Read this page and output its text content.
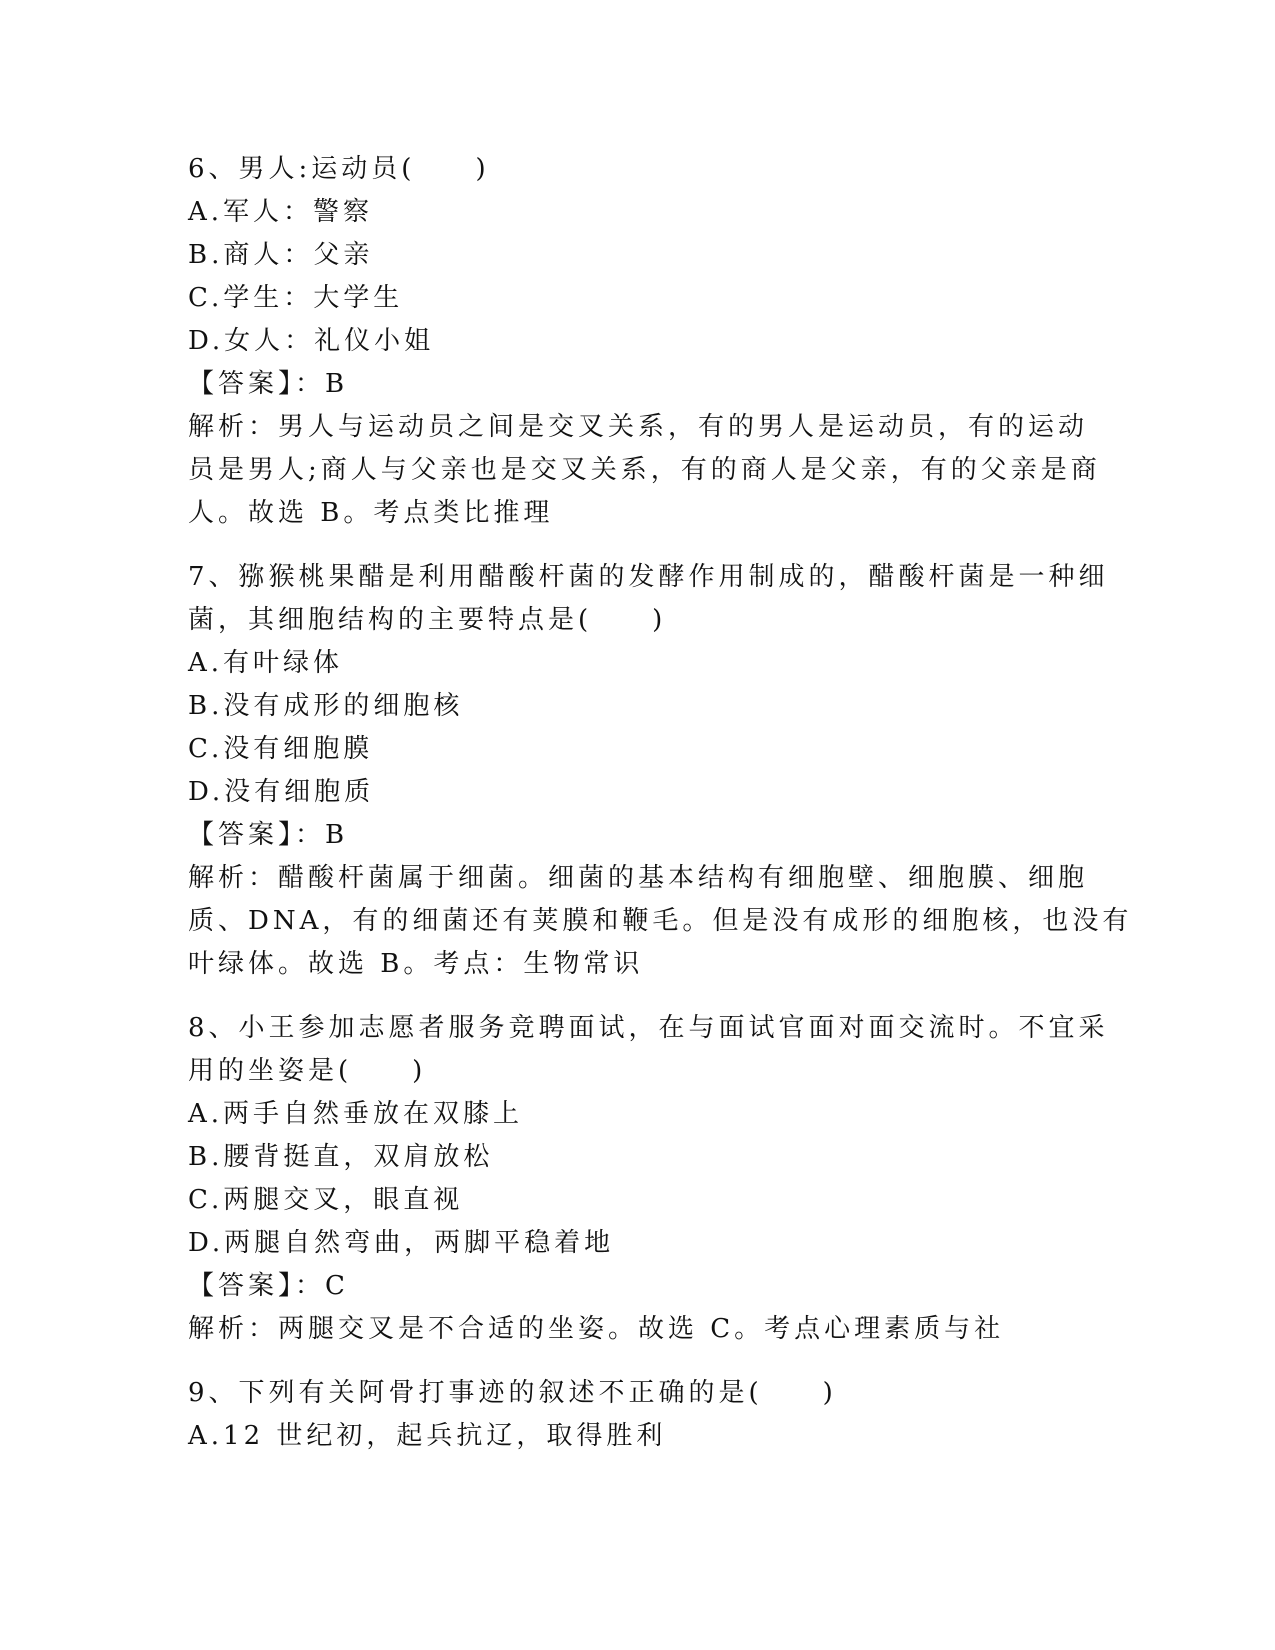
6、男人:运动员(　　)
A.军人：警察
B.商人：父亲
C.学生：大学生
D.女人：礼仪小姐
【答案】：B
解析：男人与运动员之间是交叉关系，有的男人是运动员，有的运动
员是男人;商人与父亲也是交叉关系，有的商人是父亲，有的父亲是商
人。故选 B。考点类比推理
7、猕猴桃果醋是利用醋酸杆菌的发酵作用制成的，醋酸杆菌是一种细
菌，其细胞结构的主要特点是(　　)
A.有叶绿体
B.没有成形的细胞核
C.没有细胞膜
D.没有细胞质
【答案】：B
解析：醋酸杆菌属于细菌。细菌的基本结构有细胞壁、细胞膜、细胞
质、DNA，有的细菌还有荚膜和鞭毛。但是没有成形的细胞核，也没有
叶绿体。故选 B。考点：生物常识
8、小王参加志愿者服务竞聘面试，在与面试官面对面交流时。不宜采
用的坐姿是(　　)
A.两手自然垂放在双膝上
B.腰背挺直，双肩放松
C.两腿交叉，眼直视
D.两腿自然弯曲，两脚平稳着地
【答案】：C
解析：两腿交叉是不合适的坐姿。故选 C。考点心理素质与社
9、下列有关阿骨打事迹的叙述不正确的是(　　)
A.12 世纪初，起兵抗辽，取得胜利
